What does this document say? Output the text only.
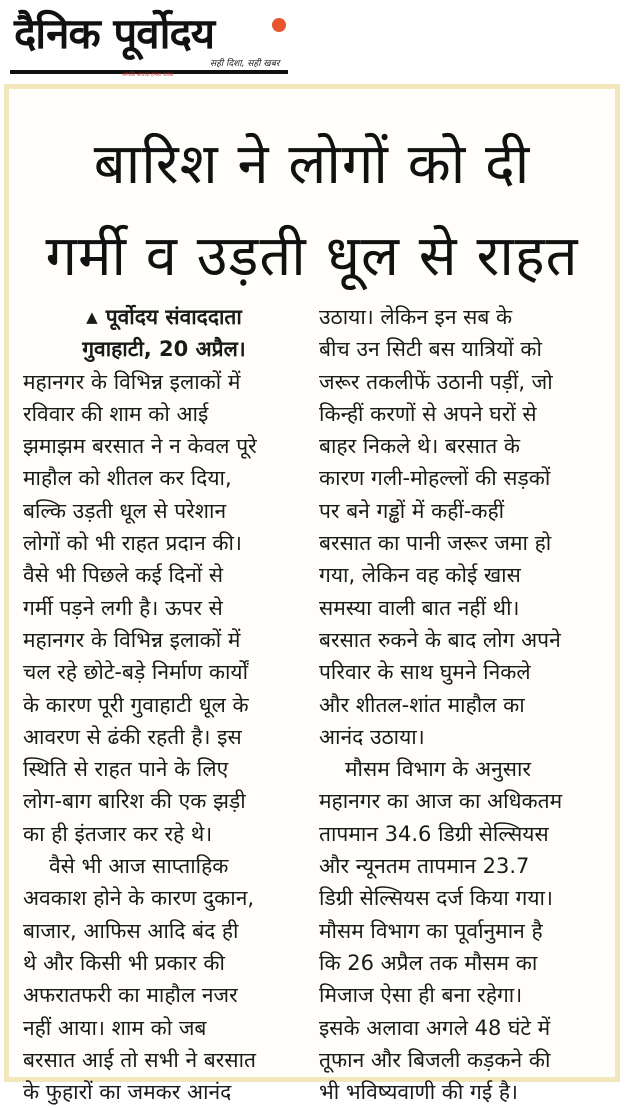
दैनिक पूर्वोदय
सही दिशा, सही खबर
आपकी आवाज़ हमारा प्रयास
बारिश ने लोगों को दी
गर्मी व उड़ती धूल से राहत
▲ पूर्वोदय संवाददाता
गुवाहाटी, 20 अप्रैल।
महानगर के विभिन्न इलाकों में
रविवार की शाम को आई
झमाझम बरसात ने न केवल पूरे
माहौल को शीतल कर दिया,
बल्कि उड़ती धूल से परेशान
लोगों को भी राहत प्रदान की।
वैसे भी पिछले कई दिनों से
गर्मी पड़ने लगी है। ऊपर से
महानगर के विभिन्न इलाकों में
चल रहे छोटे-बड़े निर्माण कार्यों
के कारण पूरी गुवाहाटी धूल के
आवरण से ढंकी रहती है। इस
स्थिति से राहत पाने के लिए
लोग-बाग बारिश की एक झड़ी
का ही इंतजार कर रहे थे।
वैसे भी आज साप्ताहिक
अवकाश होने के कारण दुकान,
बाजार, आफिस आदि बंद ही
थे और किसी भी प्रकार की
अफरातफरी का माहौल नजर
नहीं आया। शाम को जब
बरसात आई तो सभी ने बरसात
के फुहारों का जमकर आनंद
उठाया। लेकिन इन सब के
बीच उन सिटी बस यात्रियों को
जरूर तकलीफें उठानी पड़ीं, जो
किन्हीं करणों से अपने घरों से
बाहर निकले थे। बरसात के
कारण गली-मोहल्लों की सड़कों
पर बने गड्ढों में कहीं-कहीं
बरसात का पानी जरूर जमा हो
गया, लेकिन वह कोई खास
समस्या वाली बात नहीं थी।
बरसात रुकने के बाद लोग अपने
परिवार के साथ घुमने निकले
और शीतल-शांत माहौल का
आनंद उठाया।
मौसम विभाग के अनुसार
महानगर का आज का अधिकतम
तापमान 34.6 डिग्री सेल्सियस
और न्यूनतम तापमान 23.7
डिग्री सेल्सियस दर्ज किया गया।
मौसम विभाग का पूर्वानुमान है
कि 26 अप्रैल तक मौसम का
मिजाज ऐसा ही बना रहेगा।
इसके अलावा अगले 48 घंटे में
तूफान और बिजली कड़कने की
भी भविष्यवाणी की गई है।
